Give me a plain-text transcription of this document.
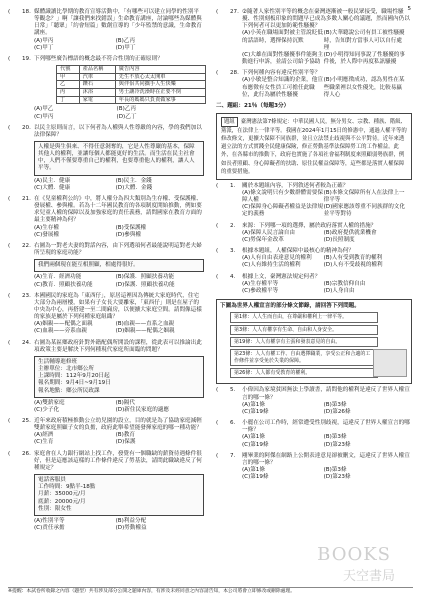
5
(	18. 媒體識讀比學期的教育宣導活動中，「有哪些可以建立同學的性別平等觀念？」啊「讓我們來找錯誤」生命教育講座，討論哪些為媒體與日常」「聽眾」「約會短篇」數創宣導的「少年監禁的意識，生命教育講座。
(A)甲丙	(B)乙丙
(C)甲丁	(D)甲丁
(	19. 下列哪些廣告標語的概念最不符合性別的正確原則？
代號	產品名稱	廣告內容
甲	汽車	先生不放心太太開車
乙	鑽石	與伴侶共同攜手人生快樂
丙	沐浴	男士讓冷洗澡時在正要不倒
丁	家電	年長的媽媽只負責做家事
(A)甲乙	(B)乙丙
(C)甲丙	(D)乙丁
(	20. 以民主原則而言，以下何者為人權與人性尊嚴的內容，學的我們加以法律保障？
人權是與生俱來、不得任意剝奪的，它是人性尊嚴的基本，保障其他人的權利，並讓每個人都能更好的生活。而生活在民主社會中，人們不僅要尊重自己的權利，也要尊重他人的權利，讓人人平等。
(A)民主．健康	(B)民主．金錢
(C)大體．健康	(D)大體．金錢
(	21. 在《兒童權利公約》中，將人權分為四大類別為生存權、受保護權、發展權、參與權。若為十二年國民教育的各項制度開始推動，例如要求兒童人權的保障以及加強家庭的責任義務，請問國家在教育方面的最主要精神為何？
(A)生存權	(B)受保護權
(C)發展權	(D)參與權
(	22. 右圖為一對老夫妻的對話內容，由下列選項何者最能說明這對老夫婦所呈現的家庭功能？
我們兩個現在能互相照顧，相處得很好。
(A)生育．經濟功能	(B)保護．照顧扶養功能
(C)教育．照顧扶養功能	(D)保護．照顧扶養功能
(	23. 本國國民的家庭為「東西仔」，原居這裡因為傳統大家庭時代，住宅大部分為兩層樓，如果有子女長大要離家，「東西仔」則是在屋子的中央為中心，再搭建一至二間廂房，以便擴大家庭空間。請問像這樣的家族是屬於下列何種家庭組織？
(A)姻親——配偶之面親	(B)血親——直系之血親
(C)血親——旁系血親	(D)姻親——配偶之姻親
(	24. 右圖為某區鄉政府針對外籍配偶所開設的課程，從此表可以推論出此項政策主要是解決下列何種現代家庭所面臨的問題？
生活輔導進修班
主辦單位：北市鄉公所
上課時間：112年9月20日起
報名期間：9月4日~9月19日
報名地點：鄉公所民政課
(A)雙薪家庭	(B)隔代
(C)少子化	(D)新住民家庭的適應
(	25. 近年來政府積極推動公立幼兒園的設立，目的就是為了協助家庭減輕雙薪家庭照顧子女的負擔，政府此舉希望能發揮家庭的哪一種功能？
(A)經濟	(B)教育
(C)生育	(D)保護
(	26. 家庭會在人力銀行網站上找工作，發覺有一個職缺的薪資待遇條件很好，但是這應該這樣的工作條件違反了勞基法，請問此職缺違反了何種規定？
電話客服員
工作時間：9點半-18點
月薪：35000元/月
底薪：20000元/月
性別：限女性
(A)性別平等	(B)利益分配
(C)責任承擔	(D)勞動權益
(	27. ②隨著人家性別平等的概念在臺灣逐漸被一般民眾接受，職場性騷擾、性別刻板印象的問題早已成為多數人關心的議題，然而國內仍以下列何者可以更加防範性騷擾？
(A)小英在職場面對被主管說貶低的話語時，選擇保持沉默
(B)大華聽說公司有員工被性騷擾時，告知對方當事人可以自行處理
(C)大雄在面對性騷擾事件能夠主動進行申訴，並請公司給予協助
(D)小明得知同事說了性騷擾的事件後，於人際中再度私訊騷擾
(	28. 下列何種內容有違反性別平等？
(A)小敏是整合知識的企業，他宣布應徵有女性員工可擔任此職位，此行為屬於性騷擾
(B)小明應徵成功，認為男性在某些職業裡以女性優先，比較易贏得人心
二、題組：21％（每題3分）
題組 臺灣憲法第7條規定：中華民國人民，無分男女、宗教、種族、階級、黨派，在法律上一律平等。我國在2024年1月15日的修憲中，通過人權平等的修改條文，更擴大保障不同族群，並且立法禁止歧視與不公平對待。近年來透過立法的方式實踐全民健康保險，修正勞動基準法保障勞工的工作權益。此外，在各縣市的推動下，政府也實施了各項社會福利制度來照顧弱勢族群，例如長者照顧、身心障礙者的扶助、原住民權益保障等，這些都是落實人權保障的重要措施。
(	1.	關於本題組內容，下列敘述何者較為正確？
(A)條文說明只有少數群體需要保障人權
(B)本條文保障所有人在法律上一律平等
(C)保障身心障礙者權益是法律規定的義務
(D)國家應該尊重不同族群的文化並平等對待
(	2.	來源：下列哪一項的選擇，屬於政府落實人權的措施？
(A)保障人民言論自由	(B)政府提供就業機會
(C)勞保年金改革	(D)長照制度
(	3.	根據本題組，人權保障中最核心的精神為何？
(A)人有自由表達意見的權利	(B)人有受到教育的權利
(C)人有維持生活的權利	(D)人有不受歧視的權利
(	4.	根據上文，臺灣憲法規定何者？
(A)生存權平等	(B)宗教信仰自由
(C)參政權平等	(D)人身自由
下圖為世界人權宣言的部分條文節錄，請回答下列問題。
第1條：人人生而自由，在尊嚴和權利上一律平等。
第3條：人人有權享有生命、自由和人身安全。
第19條：人人有權享有主張和發表意見的自由。
第23條：人人有權工作、自由選擇職業，享受公正和合適的工作條件並享受免於失業的保障。
第26條：人人都有受教育的權利。
(	5.	小偉因為家境貧困無法上學讀書，請問他的權利是違反了世界人權宣言的哪一條？
(A)第1條	(B)第3條
(C)第19條	(D)第26條
(	6.	小麗在公司工作時，經常遭受性別歧視，這違反了世界人權宣言的哪一條？
(A)第1條	(B)第3條
(C)第19條	(D)第23條
(	7.	剛畢業的阿傑在網路上公開表達意見卻被刪文，這違反了世界人權宣言的哪一條？
(A)第1條	(B)第3條
(C)第19條	(D)第23條
BOOKS
天空書局
※提醒：本試卷所收錄之內容（題型）共有涉及部分公開之題庫內容，有涉及未經同意之內容請告知，本公司將會立即修改或刪除處理。
